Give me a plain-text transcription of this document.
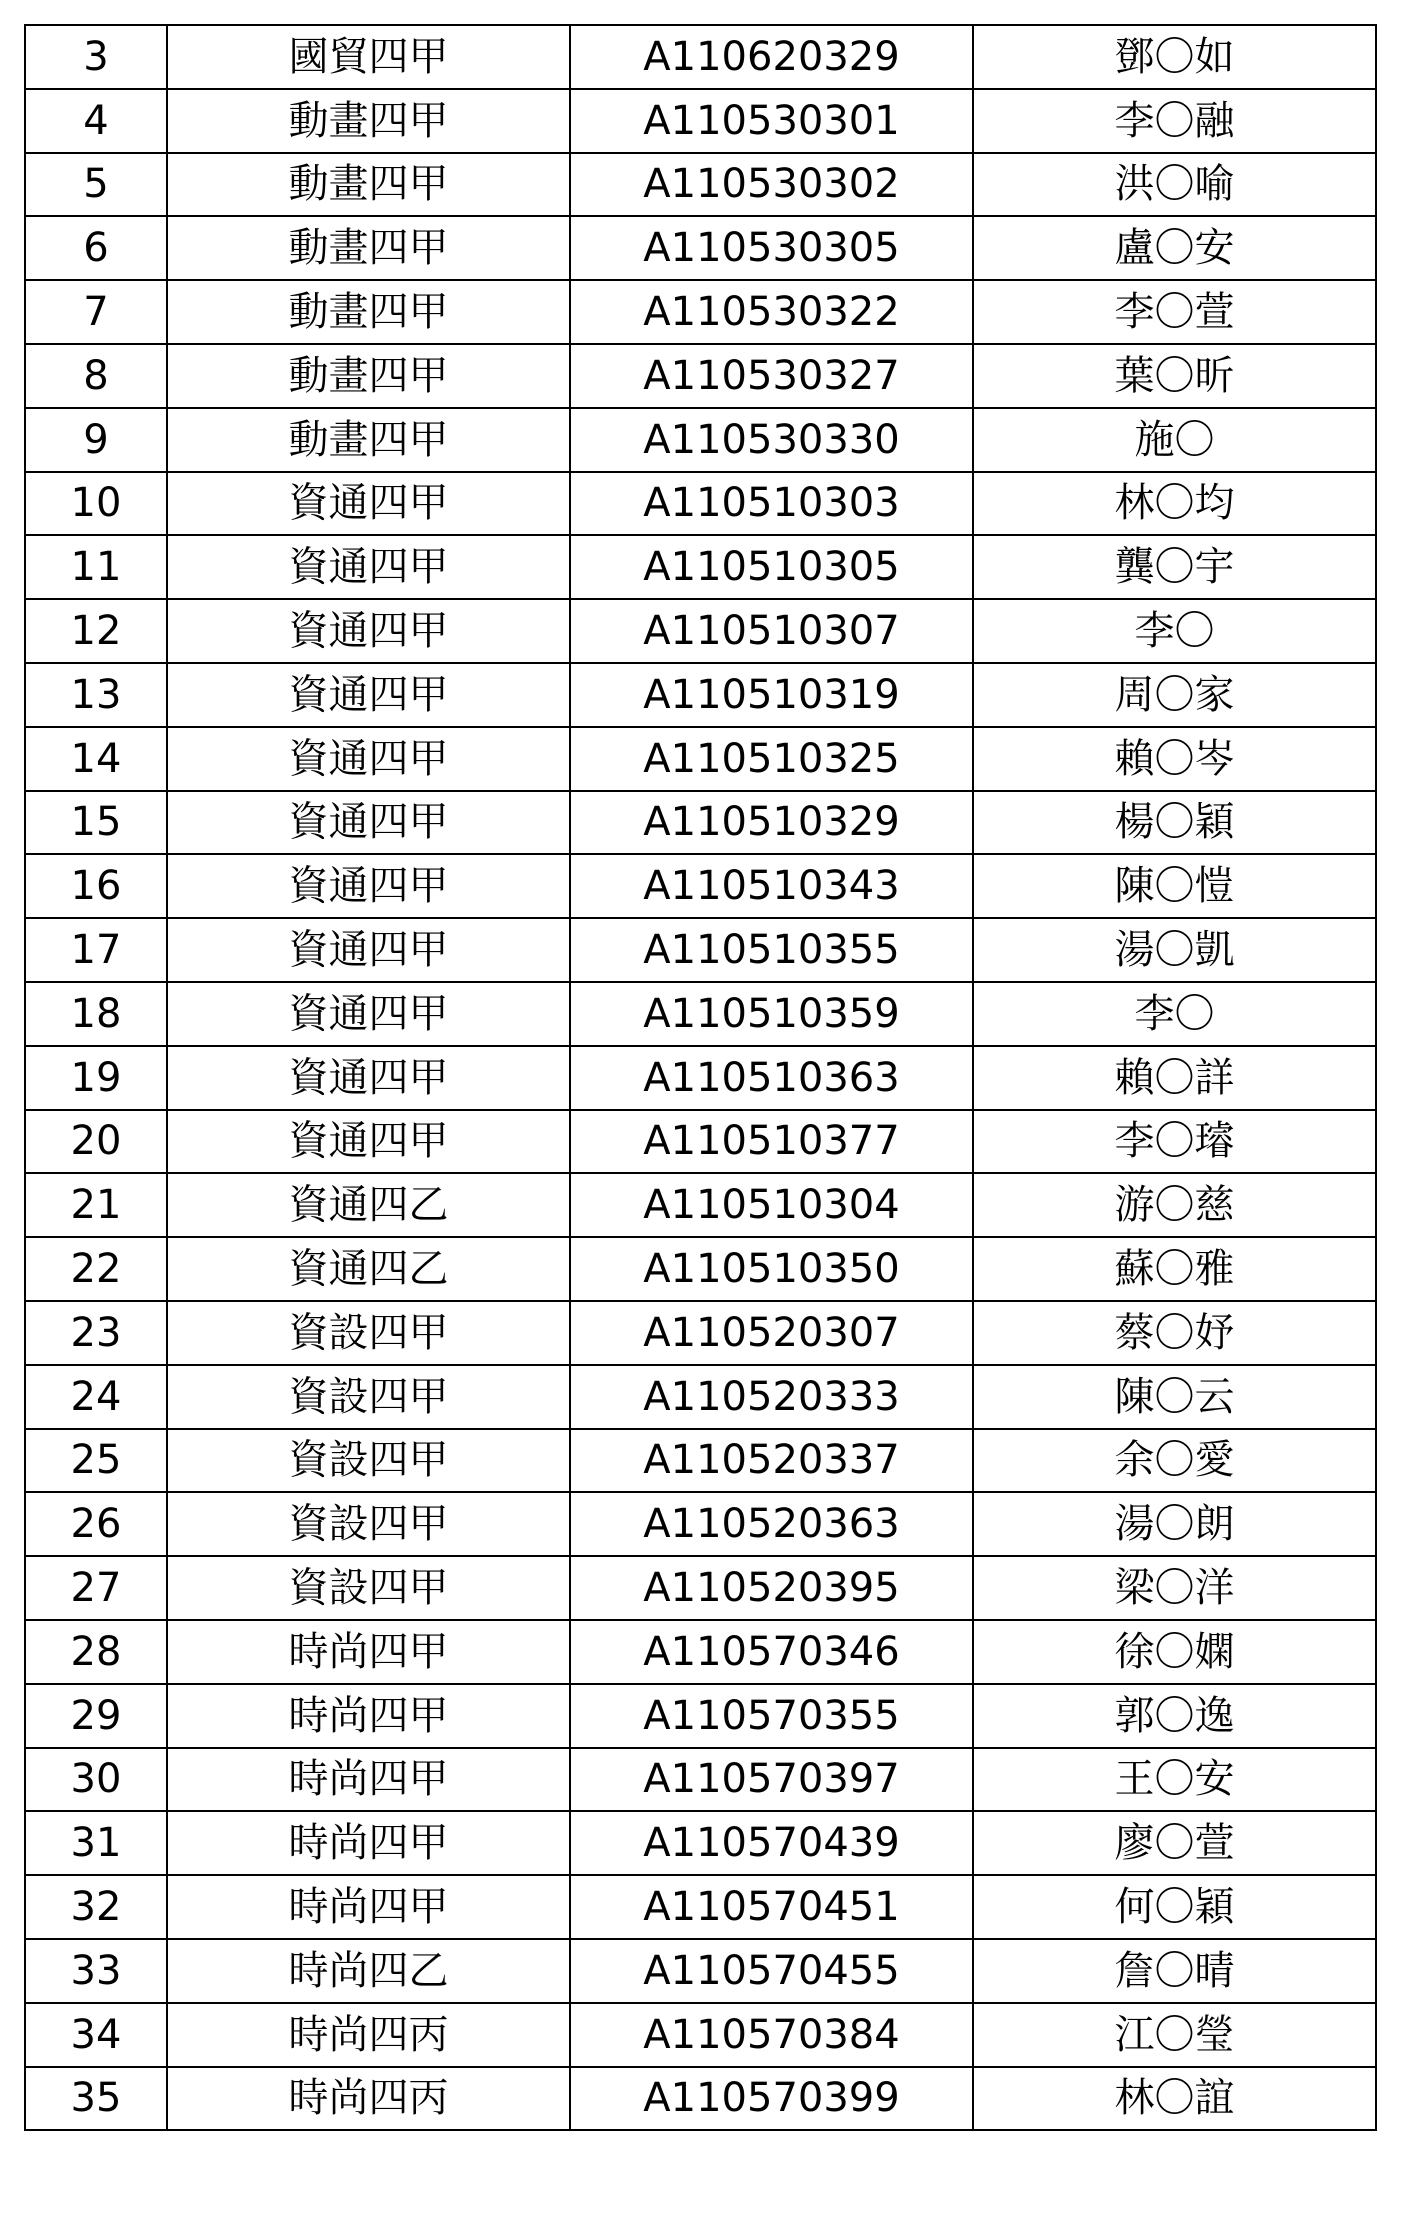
3	國貿四甲	A110620329	鄧〇如
4	動畫四甲	A110530301	李〇融
5	動畫四甲	A110530302	洪〇喻
6	動畫四甲	A110530305	盧〇安
7	動畫四甲	A110530322	李〇萱
8	動畫四甲	A110530327	葉〇昕
9	動畫四甲	A110530330	施〇
10	資通四甲	A110510303	林〇均
11	資通四甲	A110510305	龔〇宇
12	資通四甲	A110510307	李〇
13	資通四甲	A110510319	周〇家
14	資通四甲	A110510325	賴〇岑
15	資通四甲	A110510329	楊〇穎
16	資通四甲	A110510343	陳〇愷
17	資通四甲	A110510355	湯〇凱
18	資通四甲	A110510359	李〇
19	資通四甲	A110510363	賴〇詳
20	資通四甲	A110510377	李〇璿
21	資通四乙	A110510304	游〇慈
22	資通四乙	A110510350	蘇〇雅
23	資設四甲	A110520307	蔡〇妤
24	資設四甲	A110520333	陳〇云
25	資設四甲	A110520337	余〇愛
26	資設四甲	A110520363	湯〇朗
27	資設四甲	A110520395	梁〇洋
28	時尚四甲	A110570346	徐〇嫻
29	時尚四甲	A110570355	郭〇逸
30	時尚四甲	A110570397	王〇安
31	時尚四甲	A110570439	廖〇萱
32	時尚四甲	A110570451	何〇穎
33	時尚四乙	A110570455	詹〇晴
34	時尚四丙	A110570384	江〇瑩
35	時尚四丙	A110570399	林〇誼
